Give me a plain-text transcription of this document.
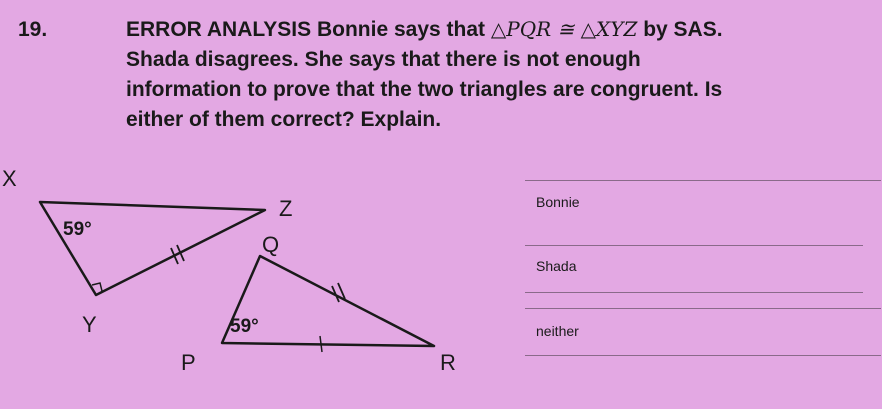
19.	ERROR ANALYSIS Bonnie says that △PQR ≅ △XYZ by SAS.
Shada disagrees. She says that there is not enough
information to prove that the two triangles are congruent. Is
either of them correct? Explain.
X
Y
Z
59°
P
Q
R
59°
Bonnie
Shada
neither
